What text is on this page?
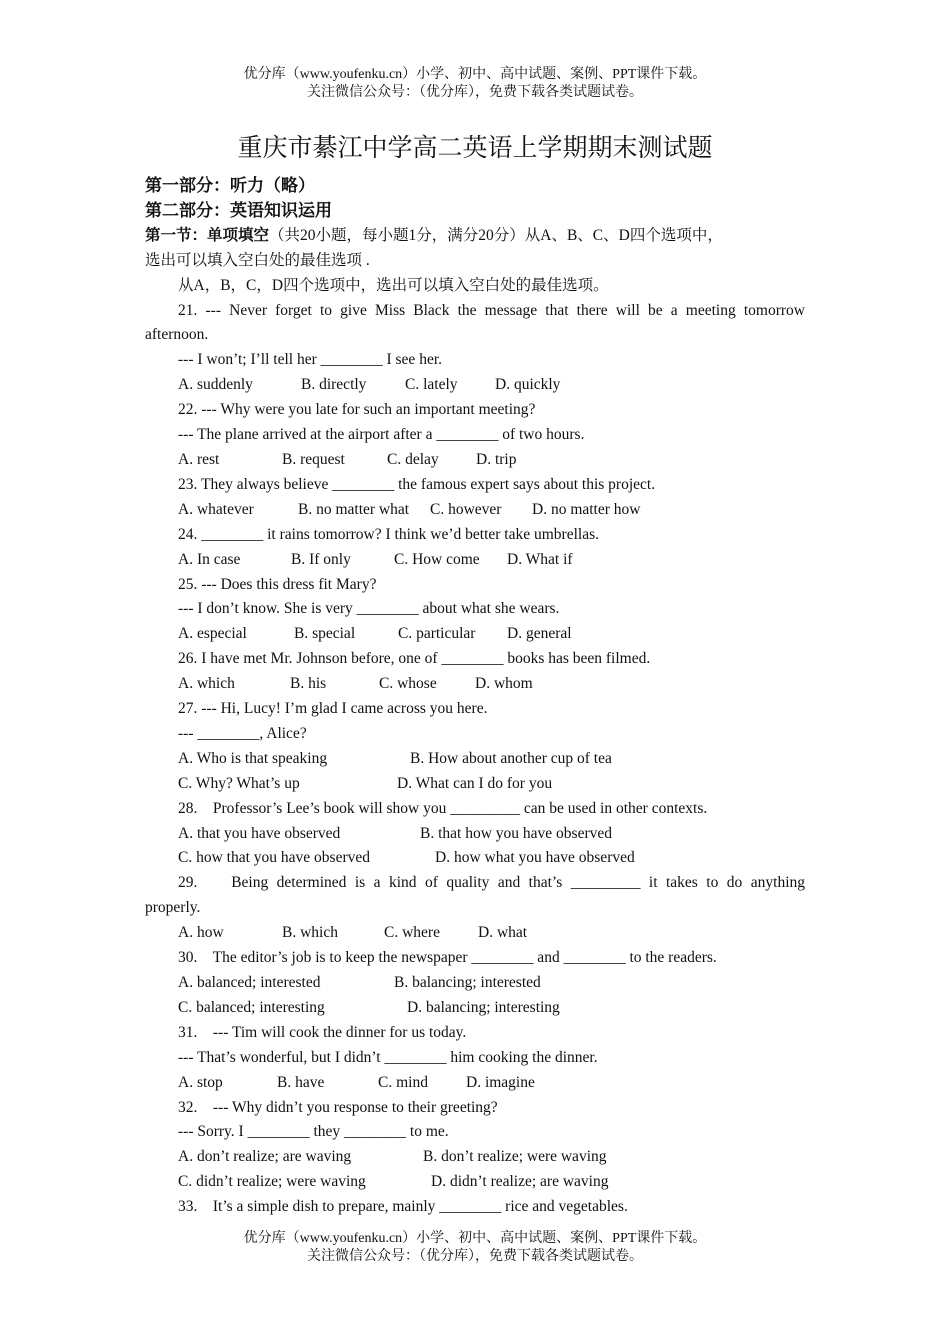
优分库（www.youfenku.cn）小学、初中、高中试题、案例、PPT课件下载。
关注微信公众号：（优分库），免费下载各类试题试卷。
重庆市綦江中学高二英语上学期期末测试题
第一部分：听力（略）
第二部分：英语知识运用
第一节：单项填空（共20小题，每小题1分，满分20分）从A、B、C、D四个选项中，
选出可以填入空白处的最佳选项 .
从A，B，C，D四个选项中，选出可以填入空白处的最佳选项。
21. --- Never forget to give Miss Black the message that there will be a meeting tomorrow
afternoon.
--- I won’t; I’ll tell her ________ I see her.
A. suddenly	B. directly C. lately D. quickly
22. --- Why were you late for such an important meeting?
--- The plane arrived at the airport after a ________ of two hours.
A. rest	B. request	C. delay D. trip
23. They always believe ________ the famous expert says about this project.
A. whatever	B. no matter what C. however D. no matter how
24. ________ it rains tomorrow? I think we’d better take umbrellas.
A. In case	B. If only	C. How come D. What if
25. --- Does this dress fit Mary?
--- I don’t know. She is very ________ about what she wears.
A. especial	B. special	C. particular D. general
26. I have met Mr. Johnson before, one of ________ books has been filmed.
A. which	B. his	C. whose D. whom
27. --- Hi, Lucy! I’m glad I came across you here.
--- ________, Alice?
A. Who is that speaking	B. How about another cup of tea
C. Why? What’s up	D. What can I do for you
28.    Professor’s Lee’s book will show you _________ can be used in other contexts.
A. that you have observed	B. that how you have observed
C. how that you have observed	D. how what you have observed
29.    Being determined is a kind of quality and that’s _________ it takes to do anything
properly.
A. how	B. which	C. where D. what
30.    The editor’s job is to keep the newspaper ________ and ________ to the readers.
A. balanced; interested	B. balancing; interested
C. balanced; interesting	D. balancing; interesting
31.    --- Tim will cook the dinner for us today.
--- That’s wonderful, but I didn’t ________ him cooking the dinner.
A. stop	B. have	C. mind D. imagine
32.    --- Why didn’t you response to their greeting?
--- Sorry. I ________ they ________ to me.
A. don’t realize; are waving	B. don’t realize; were waving
C. didn’t realize; were waving	D. didn’t realize; are waving
33.    It’s a simple dish to prepare, mainly ________ rice and vegetables.
优分库（www.youfenku.cn）小学、初中、高中试题、案例、PPT课件下载。
关注微信公众号：（优分库），免费下载各类试题试卷。
